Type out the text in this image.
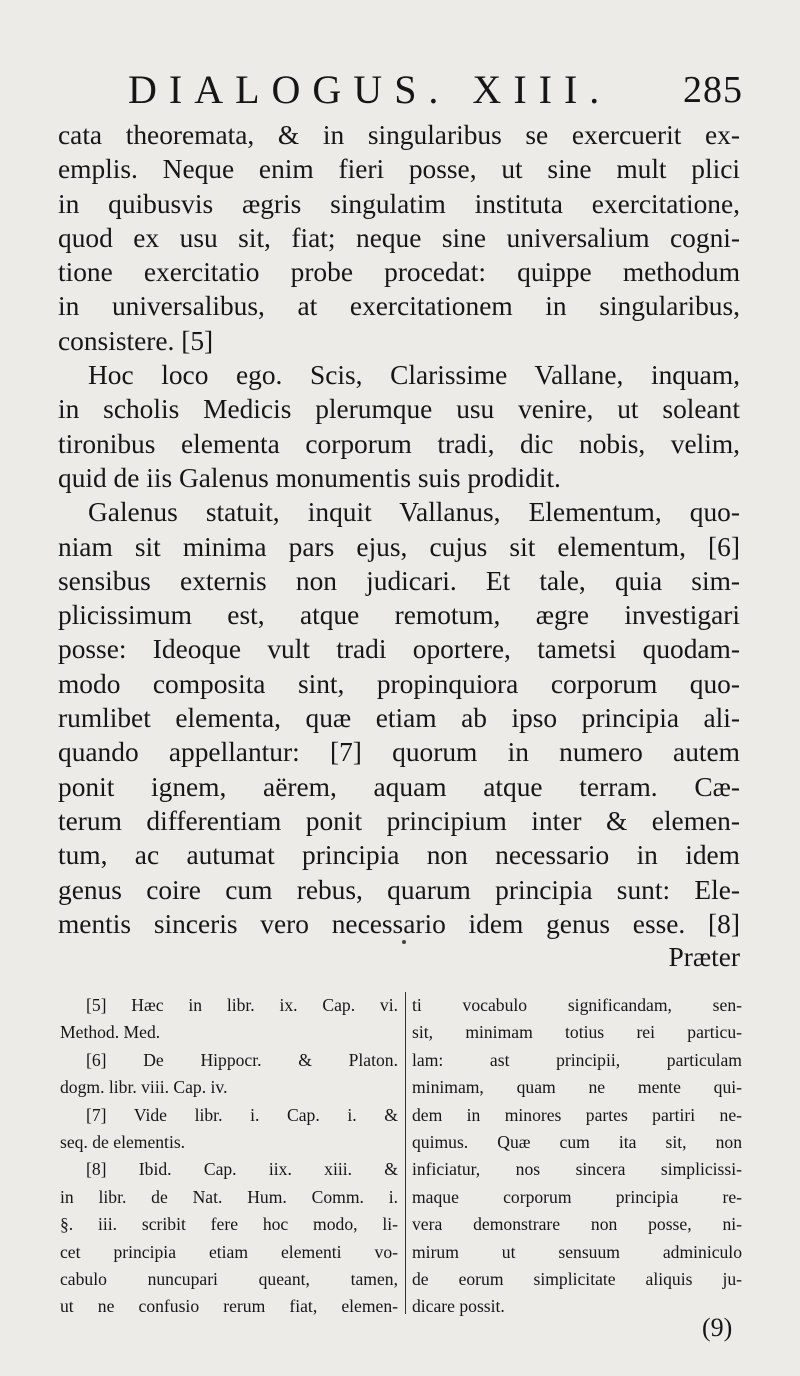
DIALOGUS. XIII. 285

cata theoremata, & in singularibus se exercuerit ex-

emplis. Neque enim fieri posse, ut sine mult plici

in quibusvis ægris singulatim instituta exercitatione,

quod ex usu sit, fiat; neque sine universalium cogni-

tione exercitatio probe procedat: quippe methodum

in universalibus, at exercitationem in singularibus,

consistere. [5]

Hoc loco ego. Scis, Clarissime Vallane, inquam,

in scholis Medicis plerumque usu venire, ut soleant

tironibus elementa corporum tradi, dic nobis, velim,

quid de iis Galenus monumentis suis prodidit.

Galenus statuit, inquit Vallanus, Elementum, quo-

niam sit minima pars ejus, cujus sit elementum, [6]

sensibus externis non judicari. Et tale, quia sim-

plicissimum est, atque remotum, ægre investigari

posse: Ideoque vult tradi oportere, tametsi quodam-

modo composita sint, propinquiora corporum quo-

rumlibet elementa, quæ etiam ab ipso principia ali-

quando appellantur: [7] quorum in numero autem

ponit ignem, aërem, aquam atque terram. Cæ-

terum differentiam ponit principium inter & elemen-

tum, ac autumat principia non necessario in idem

genus coire cum rebus, quarum principia sunt: Ele-

mentis sinceris vero necessario idem genus esse. [8]

Præter

[5] Hæc in libr. ix. Cap. vi.

Method. Med.

[6] De Hippocr. & Platon.

dogm. libr. viii. Cap. iv.

[7] Vide libr. i. Cap. i. &

seq. de elementis.

[8] Ibid. Cap. iix. xiii. &

in libr. de Nat. Hum. Comm. i.

§. iii. scribit fere hoc modo, li-

cet principia etiam elementi vo-

cabulo nuncupari queant, tamen,

ut ne confusio rerum fiat, elemen-

ti vocabulo significandam, sen-

sit, minimam totius rei particu-

lam: ast principii, particulam

minimam, quam ne mente qui-

dem in minores partes partiri ne-

quimus. Quæ cum ita sit, non

inficiatur, nos sincera simplicissi-

maque corporum principia re-

vera demonstrare non posse, ni-

mirum ut sensuum adminiculo

de eorum simplicitate aliquis ju-

dicare possit.

(9)
